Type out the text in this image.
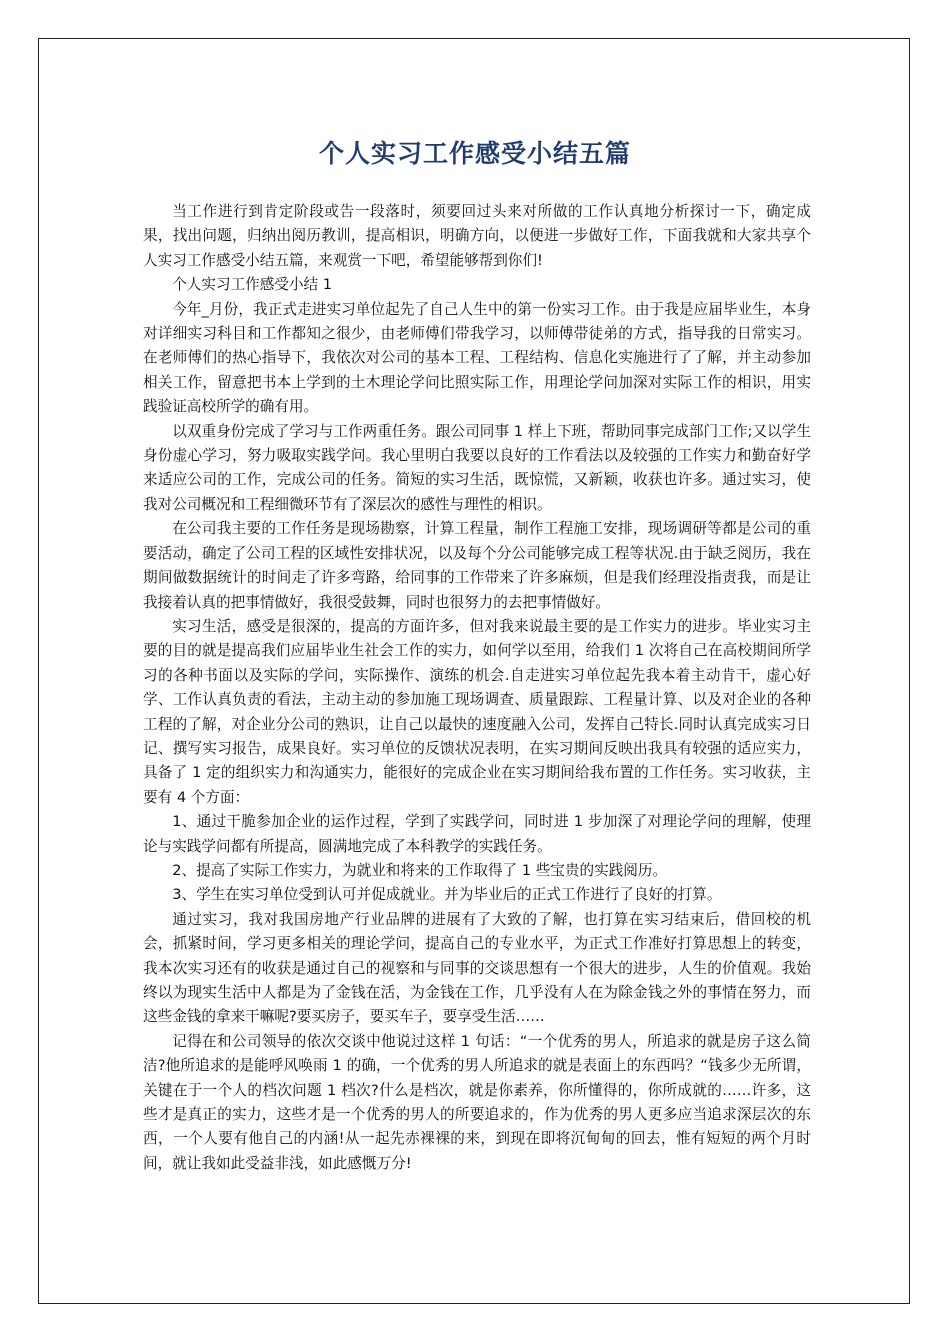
个人实习工作感受小结五篇

当工作进行到肯定阶段或告一段落时，须要回过头来对所做的工作认真地分析探讨一下，确定成果，找出问题，归纳出阅历教训，提高相识，明确方向，以便进一步做好工作，下面我就和大家共享个人实习工作感受小结五篇，来观赏一下吧，希望能够帮到你们!

个人实习工作感受小结 1

今年_月份，我正式走进实习单位起先了自己人生中的第一份实习工作。由于我是应届毕业生，本身对详细实习科目和工作都知之很少，由老师傅们带我学习，以师傅带徒弟的方式，指导我的日常实习。在老师傅们的热心指导下，我依次对公司的基本工程、工程结构、信息化实施进行了了解，并主动参加相关工作，留意把书本上学到的土木理论学问比照实际工作，用理论学问加深对实际工作的相识，用实践验证高校所学的确有用。

以双重身份完成了学习与工作两重任务。跟公司同事 1 样上下班，帮助同事完成部门工作;又以学生身份虚心学习，努力吸取实践学问。我心里明白我要以良好的工作看法以及较强的工作实力和勤奋好学来适应公司的工作，完成公司的任务。简短的实习生活，既惊慌，又新颖，收获也许多。通过实习，使我对公司概况和工程细微环节有了深层次的感性与理性的相识。

在公司我主要的工作任务是现场勘察，计算工程量，制作工程施工安排，现场调研等都是公司的重要活动，确定了公司工程的区域性安排状况，以及每个分公司能够完成工程等状况.由于缺乏阅历，我在期间做数据统计的时间走了许多弯路，给同事的工作带来了许多麻烦，但是我们经理没指责我，而是让我接着认真的把事情做好，我很受鼓舞，同时也很努力的去把事情做好。

实习生活，感受是很深的，提高的方面许多，但对我来说最主要的是工作实力的进步。毕业实习主要的目的就是提高我们应届毕业生社会工作的实力，如何学以至用，给我们 1 次将自己在高校期间所学习的各种书面以及实际的学问，实际操作、演练的机会.自走进实习单位起先我本着主动肯干，虚心好学、工作认真负责的看法，主动主动的参加施工现场调查、质量跟踪、工程量计算、以及对企业的各种工程的了解，对企业分公司的熟识，让自己以最快的速度融入公司，发挥自己特长.同时认真完成实习日记、撰写实习报告，成果良好。实习单位的反馈状况表明，在实习期间反映出我具有较强的适应实力，具备了 1 定的组织实力和沟通实力，能很好的完成企业在实习期间给我布置的工作任务。实习收获，主要有 4 个方面：

1、通过干脆参加企业的运作过程，学到了实践学问，同时进 1 步加深了对理论学问的理解，使理论与实践学问都有所提高，圆满地完成了本科教学的实践任务。

2、提高了实际工作实力，为就业和将来的工作取得了 1 些宝贵的实践阅历。

3、学生在实习单位受到认可并促成就业。并为毕业后的正式工作进行了良好的打算。

通过实习，我对我国房地产行业品牌的进展有了大致的了解，也打算在实习结束后，借回校的机会，抓紧时间，学习更多相关的理论学问，提高自己的专业水平，为正式工作准好打算思想上的转变，我本次实习还有的收获是通过自己的视察和与同事的交谈思想有一个很大的进步，人生的价值观。我始终以为现实生活中人都是为了金钱在活，为金钱在工作，几乎没有人在为除金钱之外的事情在努力，而这些金钱的拿来干嘛呢?要买房子，要买车子，要享受生活……

记得在和公司领导的依次交谈中他说过这样 1 句话：“一个优秀的男人，所追求的就是房子这么简洁?他所追求的是能呼风唤雨 1 的确，一个优秀的男人所追求的就是表面上的东西吗？“钱多少无所谓，关键在于一个人的档次问题 1 档次?什么是档次，就是你素养，你所懂得的，你所成就的……许多，这些才是真正的实力，这些才是一个优秀的男人的所要追求的，作为优秀的男人更多应当追求深层次的东西，一个人要有他自己的内涵!从一起先赤裸裸的来，到现在即将沉甸甸的回去，惟有短短的两个月时间，就让我如此受益非浅，如此感慨万分!
